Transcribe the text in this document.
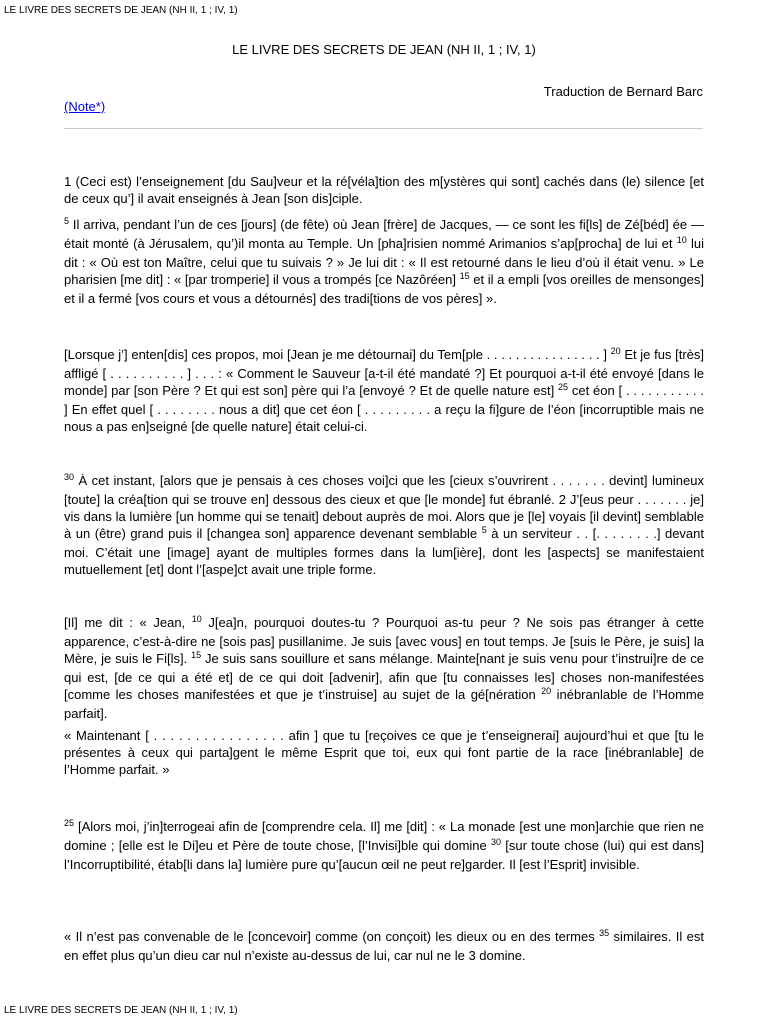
LE LIVRE DES SECRETS DE JEAN (NH II, 1 ; IV, 1)
LE LIVRE DES SECRETS DE JEAN (NH II, 1 ; IV, 1)
Traduction de Bernard Barc
(Note*)

1 (Ceci est) l’enseignement [du Sau]veur et la ré[véla]tion des m[ystères qui sont] cachés dans (le) silence [et de ceux qu’] il avait enseignés à Jean [son dis]ciple.

$^5$ Il arriva, pendant l’un de ces [jours] (de fête) où Jean [frère] de Jacques, — ce sont les fi[ls] de Zé[béd] ée — était monté (à Jérusalem, qu’)il monta au Temple. Un [pha]risien nommé Arimanios s’ap[procha] de lui et $^{10}$ lui dit : « Où est ton Maître, celui que tu suivais ? » Je lui dit : « Il est retourné dans le lieu d’où il était venu. » Le pharisien [me dit] : « [par tromperie] il vous a trompés [ce Nazôréen] $^{15}$ et il a empli [vos oreilles de mensonges] et il a fermé [vos cours et vous a détournés] des tradi[tions de vos pères] ».

[Lorsque j’] enten[dis] ces propos, moi [Jean je me détournai] du Tem[ple . . . . . . . . . . . . . . . . ] $^{20}$ Et je fus [très] affligé [ . . . . . . . . . . ] . . . : « Comment le Sauveur [a-t-il été mandaté ?] Et pourquoi a-t-il été envoyé [dans le monde] par [son Père ? Et qui est son] père qui l’a [envoyé ? Et de quelle nature est] $^{25}$ cet éon [ . . . . . . . . . . . ] En effet quel [ . . . . . . . . nous a dit] que cet éon [ . . . . . . . . . a reçu la fi]gure de l’éon [incorruptible mais ne nous a pas en]seigné [de quelle nature] était celui-ci.

$^{30}$ À cet instant, [alors que je pensais à ces choses voi]ci que les [cieux s’ouvrirent . . . . . . . devint] lumineux [toute] la créa[tion qui se trouve en] dessous des cieux et que [le monde] fut ébranlé. 2 J’[eus peur . . . . . . . je] vis dans la lumière [un homme qui se tenait] debout auprès de moi. Alors que je [le] voyais [il devint] semblable à un (être) grand puis il [changea son] apparence devenant semblable $^5$ à un serviteur . . [. . . . . . . .] devant moi. C’était une [image] ayant de multiples formes dans la lum[ière], dont les [aspects] se manifestaient mutuellement [et] dont l’[aspe]ct avait une triple forme.

[Il] me dit : « Jean, $^{10}$ J[ea]n, pourquoi doutes-tu ? Pourquoi as-tu peur ? Ne sois pas étranger à cette apparence, c’est-à-dire ne [sois pas] pusillanime. Je suis [avec vous] en tout temps. Je [suis le Père, je suis] la Mère, je suis le Fi[ls]. $^{15}$ Je suis sans souillure et sans mélange. Mainte[nant je suis venu pour t’instrui]re de ce qui est, [de ce qui a été et] de ce qui doit [advenir], afin que [tu connaisses les] choses non-manifestées [comme les choses manifestées et que je t’instruise] au sujet de la gé[nération $^{20}$ inébranlable de l’Homme parfait].

« Maintenant [ . . . . . . . . . . . . . . . . afin ] que tu [reçoives ce que je t’enseignerai] aujourd’hui et que [tu le présentes à ceux qui parta]gent le même Esprit que toi, eux qui font partie de la race [inébranlable] de l’Homme parfait. »

$^{25}$ [Alors moi, j’in]terrogeai afin de [comprendre cela. Il] me [dit] : « La monade [est une mon]archie que rien ne domine ; [elle est le Di]eu et Père de toute chose, [l’Invisi]ble qui domine $^{30}$ [sur toute chose (lui) qui est dans] l’Incorruptibilité, étab[li dans la] lumière pure qu’[aucun œil ne peut re]garder. Il [est l’Esprit] invisible.

« Il n’est pas convenable de le [concevoir] comme (on conçoit) les dieux ou en des termes $^{35}$ similaires. Il est en effet plus qu’un dieu car nul n’existe au-dessus de lui, car nul ne le 3 domine.

LE LIVRE DES SECRETS DE JEAN (NH II, 1 ; IV, 1)
